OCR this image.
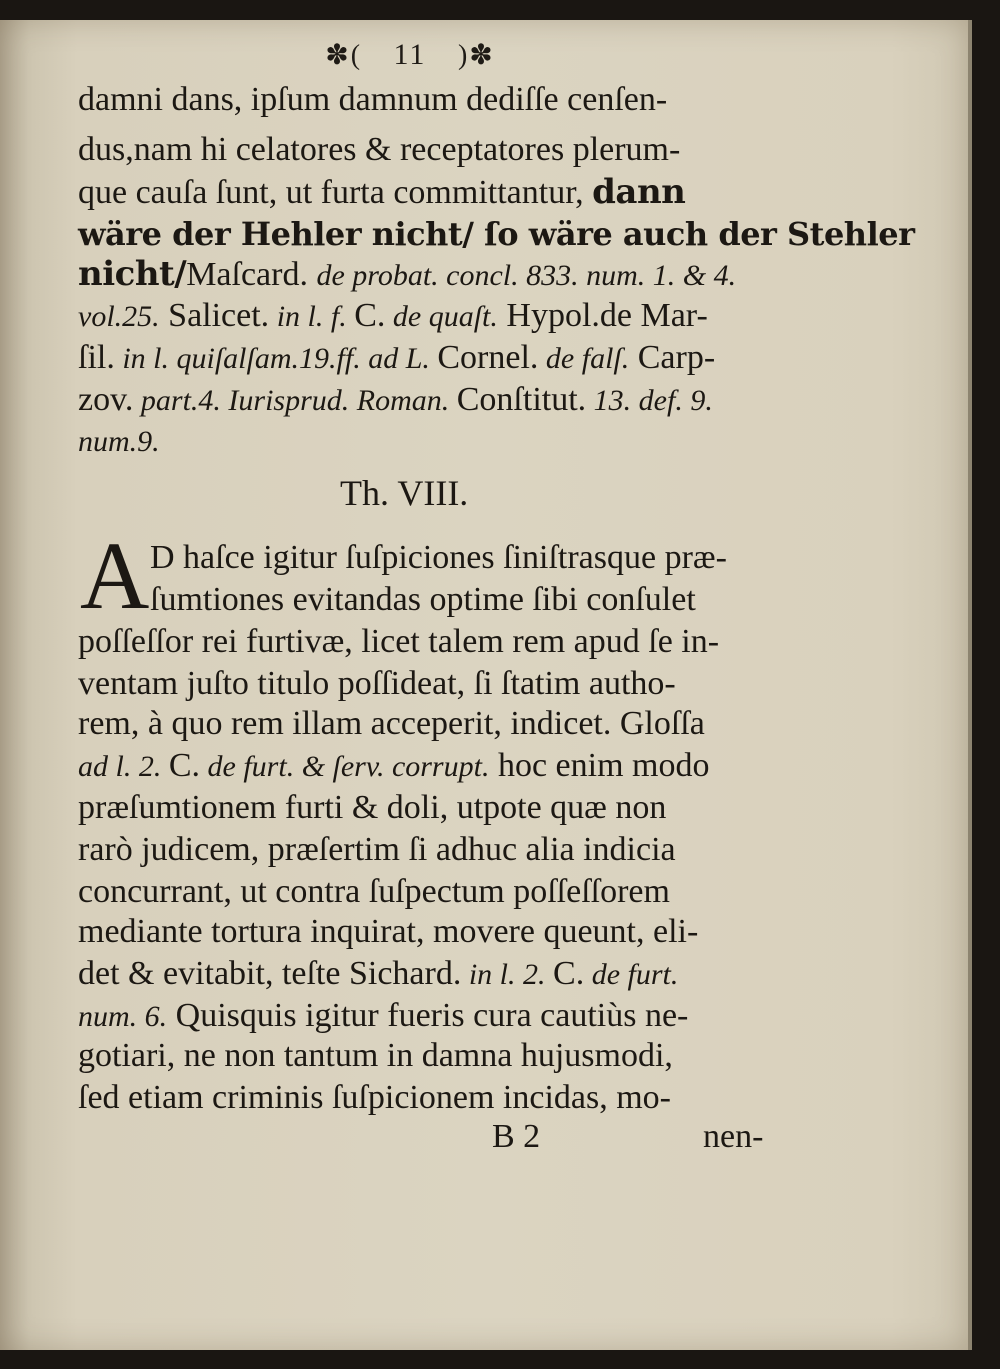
✽( 11 )✽
damni dans, ipſum damnum dediſſe cenſen-
dus,nam hi celatores & receptatores plerum-
que cauſa ſunt, ut furta committantur, dann
wäre der Hehler nicht/ ſo wäre auch der Stehler
nicht/Maſcard. de probat. concl. 833. num. 1. & 4.
vol.25. Salicet. in l. f. C. de quaſt. Hypol.de Mar-
ſil. in l. quiſalſam.19.ff. ad L. Cornel. de falſ. Carp-
zov. part.4. Iurisprud. Roman. Conſtitut. 13. def. 9.
num.9.
Th. VIII.
A D haſce igitur ſuſpiciones ſiniſtrasque præ-
ſumtiones evitandas optime ſibi conſulet
poſſeſſor rei furtivæ, licet talem rem apud ſe in-
ventam juſto titulo poſſideat, ſi ſtatim autho-
rem, à quo rem illam acceperit, indicet. Gloſſa
ad l. 2. C. de furt. & ſerv. corrupt. hoc enim modo
præſumtionem furti & doli, utpote quæ non
rarò judicem, præſertim ſi adhuc alia indicia
concurrant, ut contra ſuſpectum poſſeſſorem
mediante tortura inquirat, movere queunt, eli-
det & evitabit, teſte Sichard. in l. 2. C. de furt.
num. 6. Quisquis igitur fueris cura cautiùs ne-
gotiari, ne non tantum in damna hujusmodi,
ſed etiam criminis ſuſpicionem incidas, mo-
B 2	nen-
